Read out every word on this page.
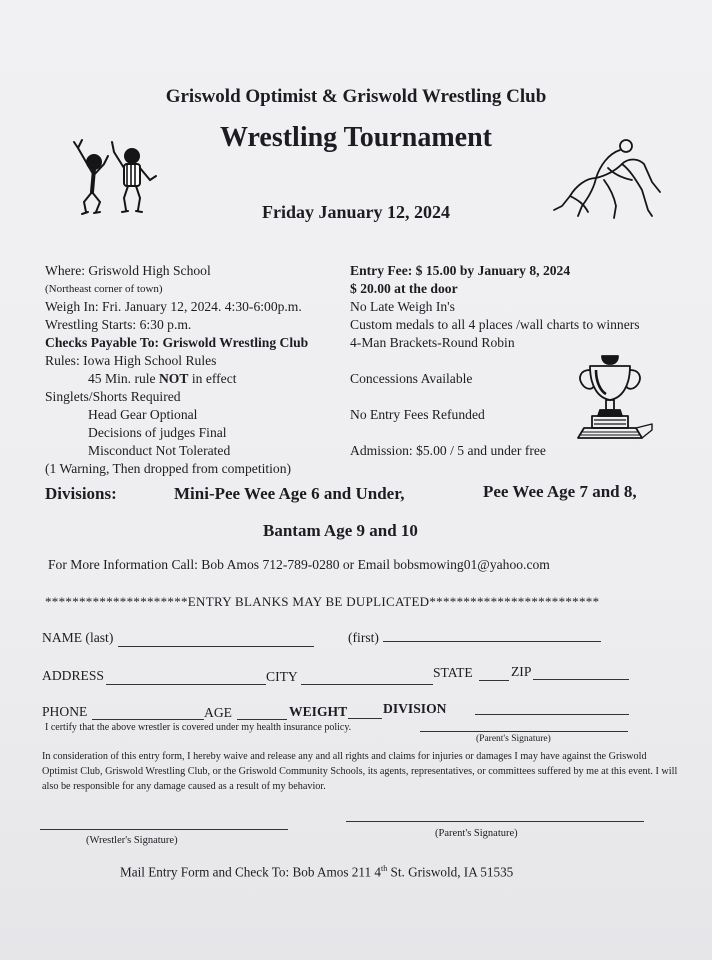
Griswold Optimist & Griswold Wrestling Club
Wrestling Tournament
Friday January 12, 2024
Where: Griswold High School
(Northeast corner of town)
Weigh In: Fri. January 12, 2024. 4:30-6:00p.m.
Wrestling Starts: 6:30 p.m.
Checks Payable To: Griswold Wrestling Club
Rules: Iowa High School Rules
45 Min. rule NOT in effect
Singlets/Shorts Required
Head Gear Optional
Decisions of judges Final
Misconduct Not Tolerated
(1 Warning, Then dropped from competition)
Entry Fee: $ 15.00 by January 8, 2024
$ 20.00 at the door
No Late Weigh In's
Custom medals to all 4 places /wall charts to winners
4-Man Brackets-Round Robin
Concessions Available
No Entry Fees Refunded
Admission: $5.00 / 5 and under free
Divisions:	Mini-Pee Wee Age 6 and Under,	Pee Wee Age 7 and 8,
Bantam Age 9 and 10
For More Information Call: Bob Amos 712-789-0280 or Email bobsmowing01@yahoo.com
*********************ENTRY BLANKS MAY BE DUPLICATED*************************
NAME (last)	(first)
ADDRESS	CITY	STATE	ZIP
PHONE	AGE	WEIGHT	DIVISION
I certify that the above wrestler is covered under my health insurance policy.
(Parent's Signature)
In consideration of this entry form, I hereby waive and release any and all rights and claims for injuries or damages I may have against the Griswold Optimist Club, Griswold Wrestling Club, or the Griswold Community Schools, its agents, representatives, or committees suffered by me at this event. I will also be responsible for any damage caused as a result of my behavior.
(Wrestler's Signature)
(Parent's Signature)
Mail Entry Form and Check To: Bob Amos 211 4th St. Griswold, IA 51535
